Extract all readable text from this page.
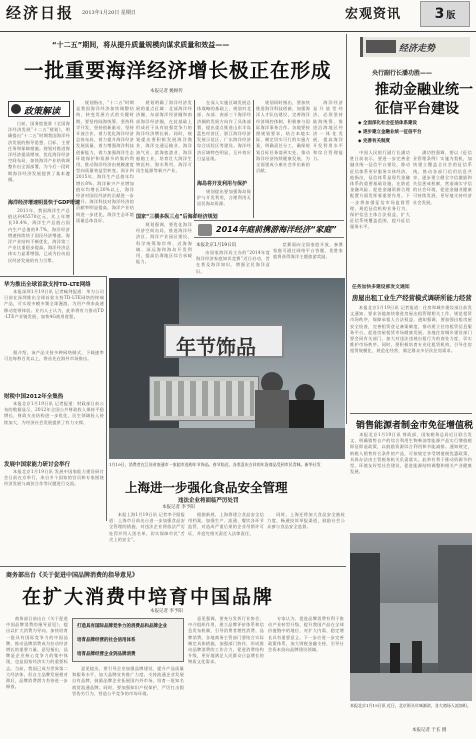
经济日报 2013年1月20日 星期日	宏观资讯	3 版
“十二五”期间，将从提升质量规模向谋求质量和效益——
一批重要海洋经济增长极正在形成
本报记者 姚顾传
政策解读
　　日前，国务院批准《全国海洋经济发展“十二五”规划》，明确提出“十二五”时期我国海洋经济发展的指导思想、目标、主要任务和保障措施。规划对推进海洋经济提质增效、优化海洋经济空间布局、加快海洋产业结构调整作出全面部署，为今后一段时期海洋经济发展提供了基本遵循。
海洋经济增速明显快于GDP增速
　　2011年，我国海洋生产总值达到45570亿元，比上年增长10.4%，海洋生产总值占国内生产总值的9.7%，海洋经济增速持续快于国民经济增速。海洋产业结构不断优化，海洋第三产业比重稳步提高。海洋经济总体实力显著增强，已成为拉动国民经济发展的有力引擎。
　　规划指出，“十二五”时期是我国海洋经济加快调整结构、转变发展方式的关键时期。要坚持陆海统筹，坚持科学开发，坚持创新驱动，坚持开放合作，着力优化海洋经济总体布局，着力提升海洋经济发展质量，着力增强海洋科技创新能力，着力加强海洋生态环境保护和资源节约集约利用，推动海洋经济由规模速度型向质量效益型转变。预计到2015年，海洋生产总值年均增长8%，海洋新兴产业增加值年均增长20%以上，海洋经济对国民经济的贡献进一步提升。海洋科技对海洋经济的贡献率明显提高，海洋产业结构进一步优化，海洋生态环境质量总体良好。
国家“三横多纵三点”后海洋经济规划
　　规划明确了海洋经济发展的重点区域：北部海洋经济圈、东部海洋经济圈和南部海洋经济圈，在此基础上形成若干具有较强竞争力的海洋经济增长极。同时，规划提出要积极发展海洋渔业、海洋交通运输业、海洋油气业、滨海旅游业、海洋船舶工业，培育壮大海洋生物医药、海水利用、海洋可再生能源等新兴产业。
　　规划强调，要优化海洋经济空间布局，推进海洋经济区、海洋产业园区建设，科学统筹海岸带、近海海域、深远海和海岛开发利用，提高沿海地区综合承载能力。
　　在深入实施区域发展总体战略的基础上，规划对北部、东部、南部三个海洋经济圈的发展方向作了具体部署，提出重点推进山东半岛蓝色经济区、浙江海洋经济发展示范区、广东海洋经济综合试验区等建设。海洋经济区域特色明显，互补效应日益显现。
海岛将开发利用与保护
　　规划提出要加强海岛保护与开发利用，合理利用无居民海岛资源。
　　规划同时指出，要加快推进海洋科技创新，加强海洋人才队伍建设，完善海洋经济调控体制，积极参与国际海洋事务合作。各地要按照规划要求，结合本地实际，制定切实可行的实施方案，明确责任分工，确保规划目标任务落到实处，推动海洋经济持续健康发展，为全面建成小康社会作出新的贡献。
　　海洋经济是开放型经济，必须坚持陆海统筹，推进沿海地区经济一体化发展，提高海洋开发利用水平和综合管理能力。
2014年庭前携游海洋经济“家庭”
本报北京1月19日讯
　　由国家海洋局主办的“2014年度海洋经济家庭知识竞赛”近日启动，旨在普及海洋知识、增强全民海洋意识。
　　竞赛面向全国家庭开放，参赛家庭可通过网络平台答题，优胜家庭将获得海洋主题旅游奖励。
经济走势
央行副行长潘功胜——
推动金融业统一
征信平台建设
◆ 全面深化社会征信体系建设
◆ 逐步建立金融业统一征信平台
◆ 完善有关制度
　　中国人民银行副行长潘功胜日前表示，要进一步完善金融业统一征信平台建设，推动征信体系更好服务实体经济。他指出，征信体系是现代金融体系的重要基础设施，在防范金融风险、促进金融资源合理配置方面发挥着重要作用。下一步将加强征信市场监督管理，规范征信机构业务行为，保护信息主体合法权益，扩大征信系统覆盖范围，提升征信服务水平。
　　潘功胜强调，要以《征信业管理条例》实施为契机，加快建立覆盖全社会的征信系统，推动各部门信用信息共享，逐步建立健全守信激励和失信惩戒机制，营造诚实守信的社会环境，促进金融业健康可持续发展，更好地支持经济社会发展。
华为推出全球首款支持TD-LTE网络
　　本报深圳1月19日讯 记者喻剑报道：华为公司日前在深圳推出全球首款支持TD-LTE网络的终端产品，可实现多模多频全球漫游，为用户带来高速移动宽带体验。业内人士认为，此举将有力推动TD-LTE产业链发展，加快4G商用进程。
　　据介绍，该产品支持多种网络制式，下载速率可达每秒百兆以上，将首先在海外市场推出。
财税中国2012年全集热
　　本报北京1月19日讯 记者报道：财政部日前公布的数据显示，2012年全国公共财政收入保持平稳增长，财政支出结构进一步优化，民生领域投入持续加大，为经济社会发展提供了有力支撑。
发展中国家能力研讨会举行
　　本报北京1月19日讯 发展中国家能力建设研讨会日前在京举行，来自多个国家的官员和专家围绕经济发展与减贫合作等议题进行交流。
年节饰品
1月19日，消费者在江苏省南通市一家超市选购年节饰品。春节临近，各类喜庆吉祥的年货商品受到市民青睐。新华社发
上海进一步强化食品安全管理
违法企业将面临严厉处罚
本报记者 李予阳
　　本报上海1月19日讯 记者李予阳报道：上海市日前出台进一步加强食品安全管理的措施，对违法企业将依法严厉处罚并列入黑名单，切实保障市民“舌尖上的安全”。
　　根据新规，上海将建立食品安全信用档案，加强生产、流通、餐饮各环节监管，对造成严重后果的企业吊销许可证，并追究相关责任人法律责任。
　　同时，上海还将加大食品安全抽检力度，畅通投诉举报渠道，鼓励社会公众参与食品安全监督。
任务加快多建设部发文通知
房屋出租工业生产经营模式调研所能力经营
　　本报北京1月19日讯 记者报道：住房和城乡建设部日前发文通知，要求各地加快推进房屋出租管理相关工作，规范租赁市场秩序，保障承租人合法权益。通知强调，要加强出租房屋安全检查，完善租赁登记备案制度，推动建立住房租赁信息服务平台，促进房屋租赁市场健康发展。各地住房城乡建设部门要会同有关部门，加大对违法违规出租行为的查处力度，切实维护市场秩序。同时，要积极培育专业化租赁机构，引导住房租赁规模化、规范化经营，满足群众多层次住房需求。
销售能源者制金市免征增值税
　　本报北京1月19日讯 财政部、国家税务总局近日联合发文，明确销售自产的综合利用生物柴油等能源产品实行增值税即征即退政策，以鼓励资源综合利用和节能减排。通知规定，纳税人销售符合条件的产品，可按规定享受增值税优惠政策，具体办法由主管税务机关负责落实。此举有利于推动资源节约型、环境友好型社会建设，促进能源结构调整和相关产业健康发展。
商务部出台《关于促进中国品牌消费的指导意见》
在扩大消费中培育中国品牌
本报记者 李予阳
　　商务部日前出台《关于促进中国品牌消费的指导意见》，提出以扩大消费为导向，加快培育一批具有国际竞争力的中国品牌，推动品牌消费成为拉动经济增长的重要力量。意见指出，品牌是企业核心竞争力的集中体现，也是国家经济实力的重要标志。当前，我国已成为世界第二大经济体，但自主品牌发展相对滞后，品牌消费潜力有待进一步释放。
打造具有国际品牌竞争力的消费品和品牌企业
培育品牌经营的社会信用体系
培育品牌经营企业到品牌消费
　　意见提出，要引导企业加强品牌建设，提升产品质量和服务水平，加大品牌宣传推广力度。支持流通企业发展自有品牌，鼓励品牌企业拓展国内外市场，培育一批知名商贸流通品牌。同时，要加强知识产权保护，严厉打击假冒伪劣行为，营造公平竞争的市场环境。
　　意见强调，要充分发挥行业协会、中介组织作用，建立品牌评价体系和信息发布机制，引导消费者理性消费、品牌消费。各地商务主管部门要结合实际制定具体措施，加强部门协作，形成推动品牌消费的工作合力，促进消费结构升级，更好地满足人民群众日益增长的物质文化需求。
　　专家认为，促进品牌消费有利于推动产业转型升级，提升我国产品在全球价值链中的地位，对扩大内需、稳定增长具有重要意义。下一步应进一步完善政策体系，加大财税金融支持，引导社会资本投向品牌建设领域。
本报北京1月19日讯 近日，北京街头年味渐浓，各大商场人流如织。
本报记者 于长 摄
